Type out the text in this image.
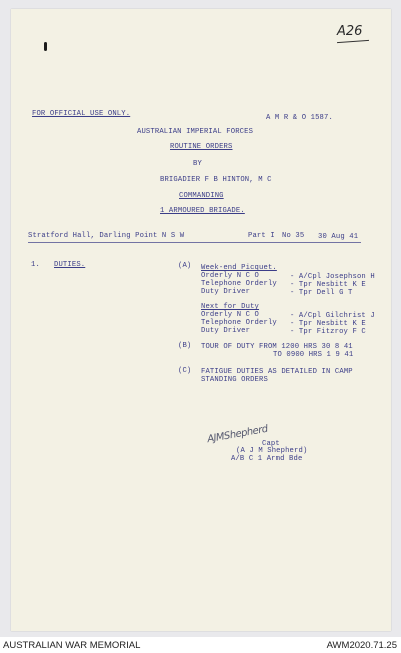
A26
FOR OFFICIAL USE ONLY.	A M R & O 1587.
AUSTRALIAN IMPERIAL FORCES
ROUTINE ORDERS
BY
BRIGADIER F B HINTON, M C
COMMANDING
1 ARMOURED BRIGADE.
Stratford Hall, Darling Point N S W	Part I No 35 30 Aug 41
1. DUTIES.	(A) Week-end Picquet.
Orderly N C O	- A/Cpl Josephson H
Telephone Orderly - Tpr Nesbitt K E
Duty Driver	- Tpr Dell G T
Next for Duty
Orderly N C O	- A/Cpl Gilchrist J
Telephone Orderly - Tpr Nesbitt K E
Duty Driver	- Tpr Fitzroy F C
(B) TOUR OF DUTY FROM 1200 HRS 30 8 41
TO 0900 HRS 1 9 41
(C) FATIGUE DUTIES AS DETAILED IN CAMP
STANDING ORDERS
AJMShepherd
Capt
(A J M Shepherd)
A/B C 1 Armd Bde
AUSTRALIAN WAR MEMORIAL	AWM2020.71.25
